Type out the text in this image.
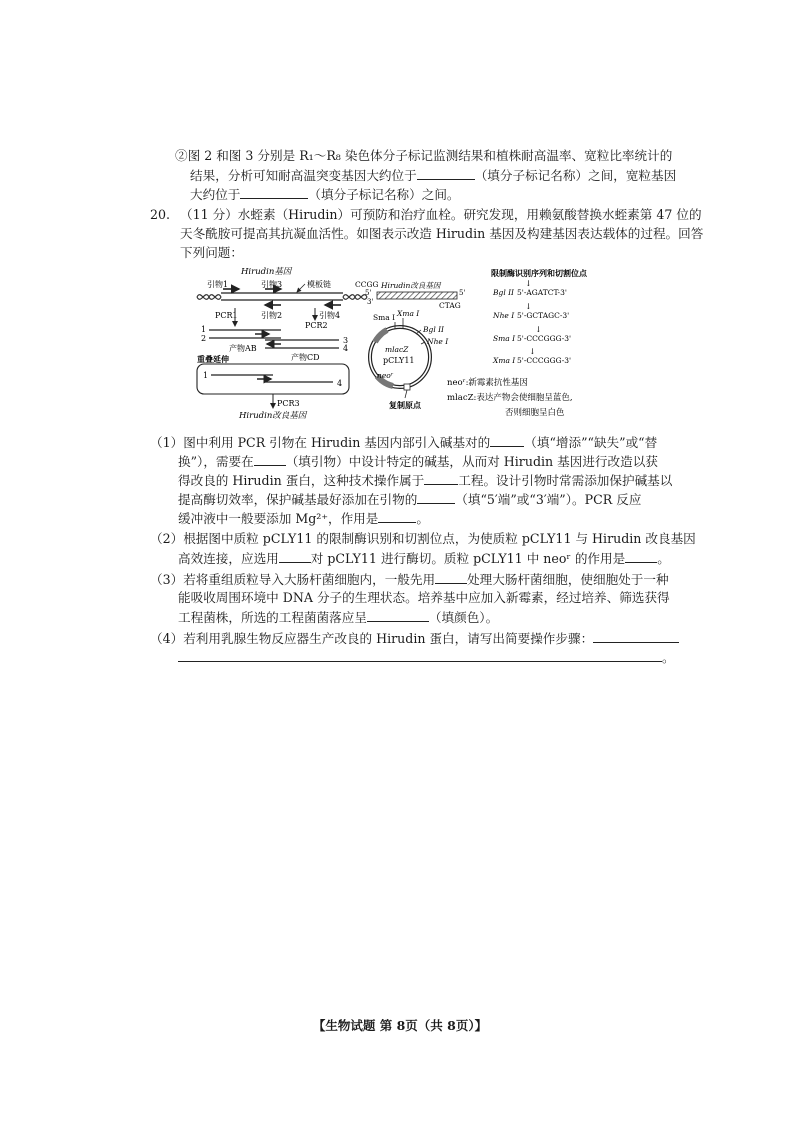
②图 2 和图 3 分别是 R₁～R₈ 染色体分子标记监测结果和植株耐高温率、宽粒比率统计的
结果，分析可知耐高温突变基因大约位于	（填分子标记名称）之间，宽粒基因
大约位于	（填分子标记名称）之间。
20. （11 分）水蛭素（Hirudin）可预防和治疗血栓。研究发现，用赖氨酸替换水蛭素第 47 位的
天冬酰胺可提高其抗凝血活性。如图表示改造 Hirudin 基因及构建基因表达载体的过程。回答
下列问题：
Hirudin基因
引物1	引物3	模板链
PCR1	引物2
PCR2
引物4
1
2
产物AB
3
4
产物CD
重叠延伸
1
4
PCR3
Hirudin改良基因
CCGG
5'
3'
Hirudin改良基因
5'
CTAG
Sma I Xma I
Bgl II
Nhe I
mlacZ
pCLY11
neoʳ
复制原点
限制酶识别序列和切割位点
↓
Bgl II 5'-AGATCT-3'
↓
Nhe I 5'-GCTAGC-3'
↓
Sma I 5'-CCCGGG-3'
↓
Xma I 5'-CCCGGG-3'
neoʳ:新霉素抗性基因
mlacZ:表达产物会使细胞呈蓝色,
否则细胞呈白色
（1）图中利用 PCR 引物在 Hirudin 基因内部引入碱基对的	（填“增添”“缺失”或“替
换”），需要在	（填引物）中设计特定的碱基，从而对 Hirudin 基因进行改造以获
得改良的 Hirudin 蛋白，这种技术操作属于	工程。设计引物时常需添加保护碱基以
提高酶切效率，保护碱基最好添加在引物的	（填“5′端”或“3′端”）。PCR 反应
缓冲液中一般要添加 Mg²⁺，作用是	。
（2）根据图中质粒 pCLY11 的限制酶识别和切割位点，为使质粒 pCLY11 与 Hirudin 改良基因
高效连接，应选用	对 pCLY11 进行酶切。质粒 pCLY11 中 neoʳ 的作用是	。
（3）若将重组质粒导入大肠杆菌细胞内，一般先用	处理大肠杆菌细胞，使细胞处于一种
能吸收周围环境中 DNA 分子的生理状态。培养基中应加入新霉素，经过培养、筛选获得
工程菌株，所选的工程菌菌落应呈	（填颜色）。
（4）若利用乳腺生物反应器生产改良的 Hirudin 蛋白，请写出简要操作步骤：
。
【生物试题 第 8页（共 8页）】
